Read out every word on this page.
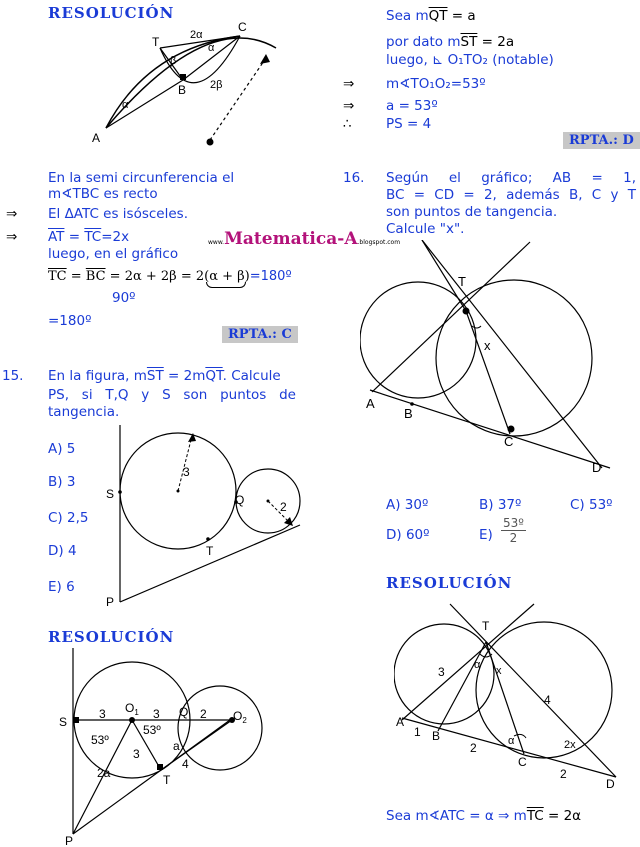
RESOLUCIÓN
T
C
A
B
2α
α
α
β
2β
En la semi circunferencia el
m∢TBC es recto
⇒ El ΔATC es isósceles.
⇒ $\overline{AT} = \overline{TC}=2x$	www.Matematica-A.blogspot.com
luego, en el gráfico
$\overline{TC} = \overline{BC} = 2\alpha + 2\beta = 2(\alpha + \beta)$
=180º
90º
=180º
RPTA.: C
15. En la figura, $m\overline{ST} = 2m\overline{QT}$. Calcule
PS, si T,Q y S son puntos de
tangencia.
A) 5
B) 3
C) 2,5
D) 4
E) 6
S	Q
T
P
3
2
RESOLUCIÓN
S
$O_1$	Q	$O_2$
P
T
3	3	2
3
4
53º
53º
2a
a
Sea $m\overline{QT} = a$
por dato $m\overline{ST} = 2a$
luego, ⊾ O₁TO₂ (notable)
⇒ m∢TO₁O₂=53º
⇒ a = 53º
∴	PS = 4
RPTA.: D
16. Según el gráfico; AB = 1,
BC = CD = 2, además B, C y T
son puntos de tangencia.
Calcule "x".
T
x
A
B
C
D
A) 30º	B) 37º	C) 53º
D) 60º	$E) \frac{\text{53º}}{2}$
RESOLUCIÓN
T
A
B
C
D
3
4
1
2
2
α
α
x
2x
Sea m∢ATC = α ⇒ $m\overline{TC} = 2\alpha$
